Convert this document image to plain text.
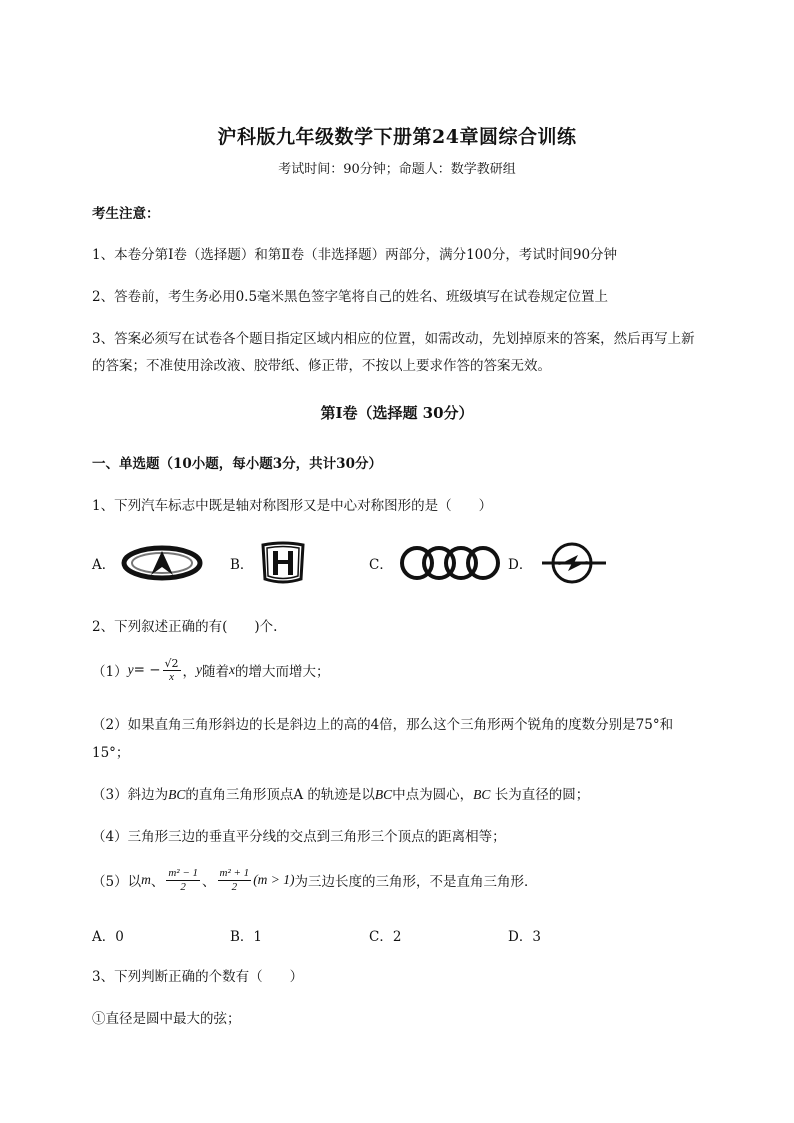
沪科版九年级数学下册第24章圆综合训练
考试时间：90分钟；命题人：数学教研组
考生注意：
1、本卷分第Ⅰ卷（选择题）和第Ⅱ卷（非选择题）两部分，满分100分，考试时间90分钟
2、答卷前，考生务必用0.5毫米黑色签字笔将自己的姓名、班级填写在试卷规定位置上
3、答案必须写在试卷各个题目指定区域内相应的位置，如需改动，先划掉原来的答案，然后再写上新
的答案；不准使用涂改液、胶带纸、修正带，不按以上要求作答的答案无效。
第Ⅰ卷（选择题 30分）
一、单选题（10小题，每小题3分，共计30分）
1、下列汽车标志中既是轴对称图形又是中心对称图形的是（　　）
A．	B．	C．	D．
2、下列叙述正确的有(　　)个.
（1） y = − $\frac{√2}{x}$ ， y 随着 x 的增大而增大；
（2）如果直角三角形斜边的长是斜边上的高的4倍，那么这个三角形两个锐角的度数分别是75°和
15°；
（3）斜边为BC的直角三角形顶点A 的轨迹是以BC中点为圆心，BC 长为直径的圆；
（4）三角形三边的垂直平分线的交点到三角形三个顶点的距离相等；
（5）以 m 、 $\frac{\text{m² − 1}}{2}$ 、 $\frac{\text{m² + 1}}{2} (m > 1)$ 为三边长度的三角形，不是直角三角形．
A．0	B．1	C．2	D．3
3、下列判断正确的个数有（　　）
①直径是圆中最大的弦；
